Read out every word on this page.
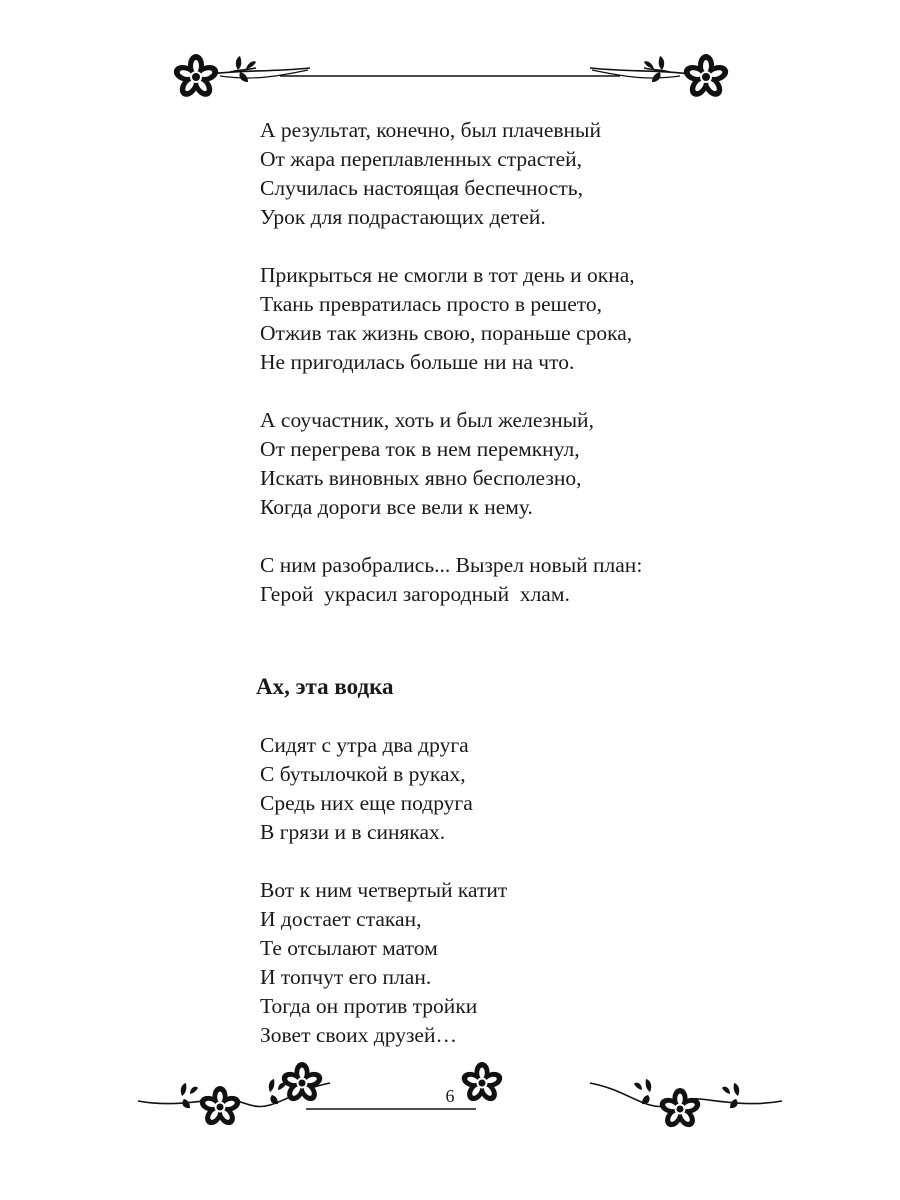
А результат, конечно, был плачевный
От жара переплавленных страстей,
Случилась настоящая беспечность,
Урок для подрастающих детей.
Прикрыться не смогли в тот день и окна,
Ткань превратилась просто в решето,
Отжив так жизнь свою, пораньше срока,
Не пригодилась больше ни на что.
А соучастник, хоть и был железный,
От перегрева ток в нем перемкнул,
Искать виновных явно бесполезно,
Когда дороги все вели к нему.
С ним разобрались... Вызрел новый план:
Герой  украсил загородный  хлам.
Ах, эта водка
Сидят с утра два друга
С бутылочкой в руках,
Средь них еще подруга
В грязи и в синяках.
Вот к ним четвертый катит
И достает стакан,
Те отсылают матом
И топчут его план.
Тогда он против тройки
Зовет своих друзей…
6
